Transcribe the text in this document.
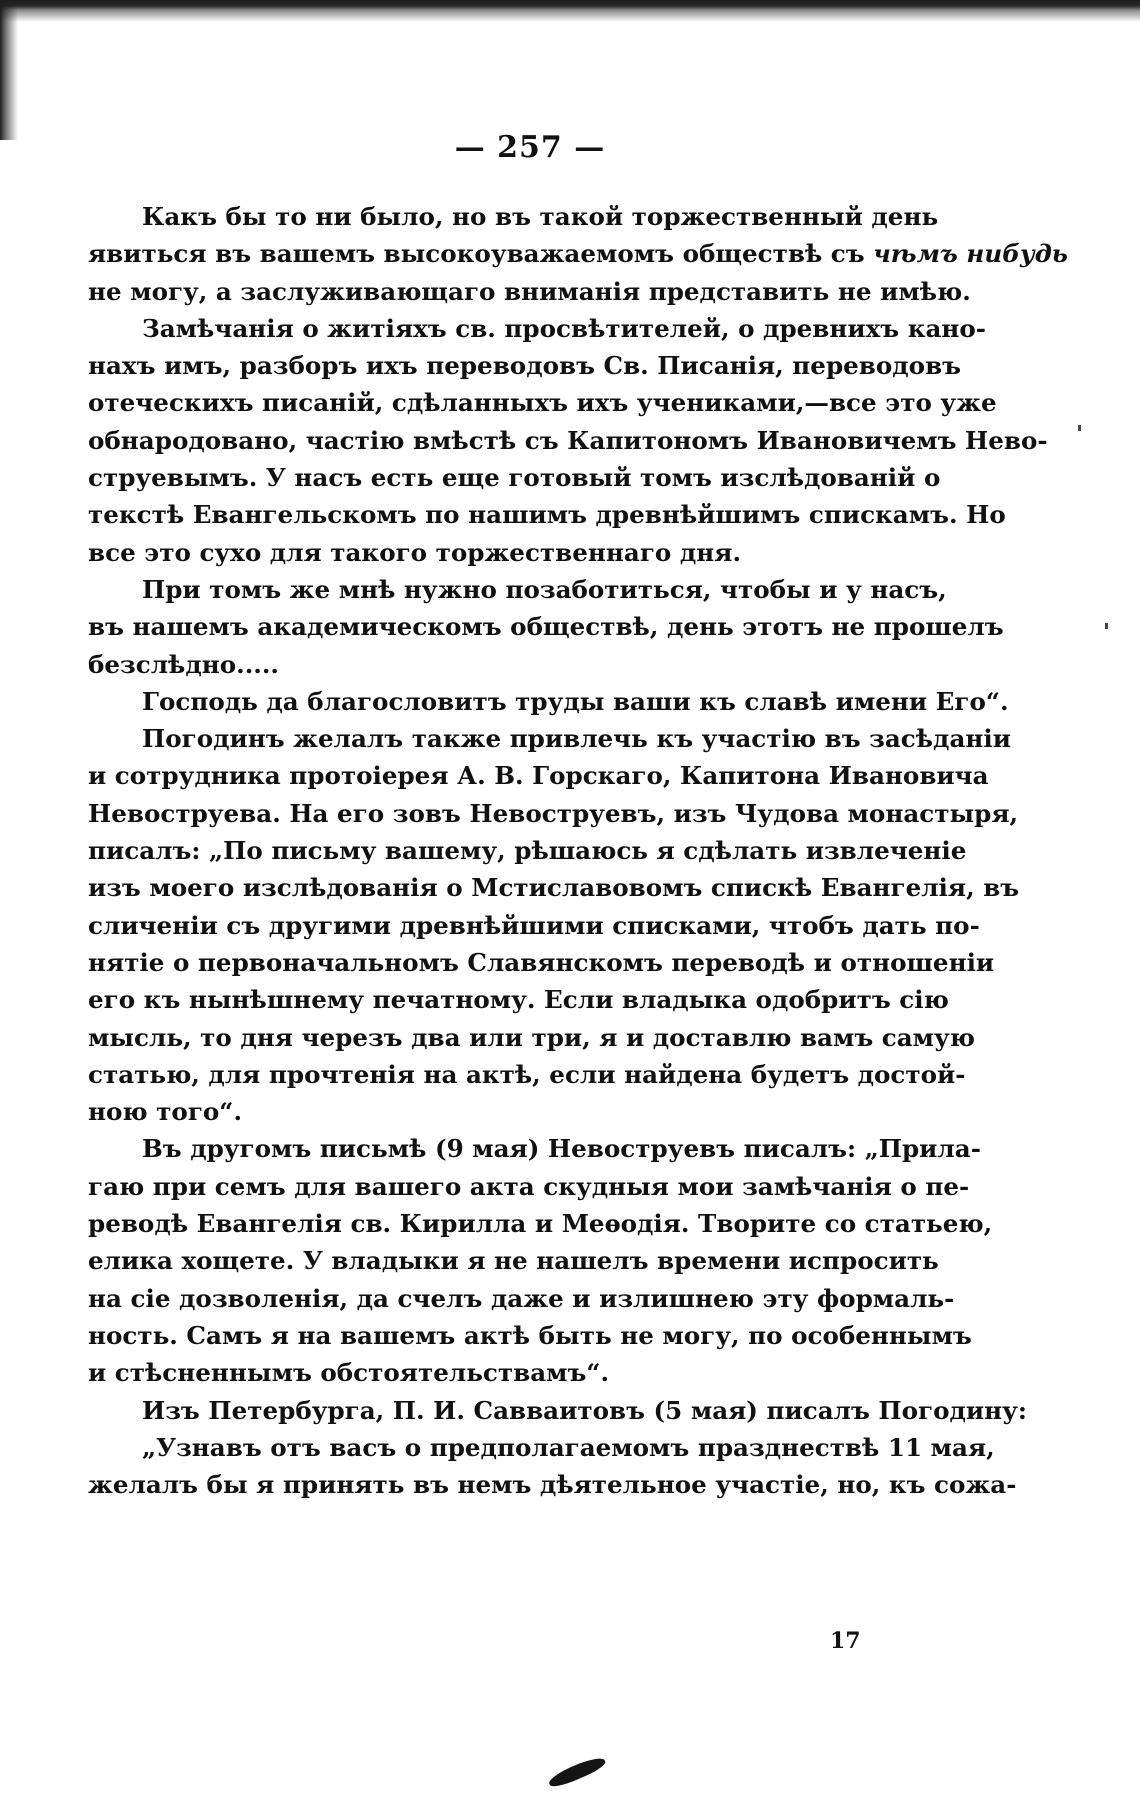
— 257 —
Какъ бы то ни было, но въ такой торжественный день
явиться въ вашемъ высокоуважаемомъ обществѣ съ чѣмъ нибудь
не могу, а заслуживающаго вниманія представить не имѣю.
Замѣчанія о житіяхъ св. просвѣтителей, о древнихъ кано-
нахъ имъ, разборъ ихъ переводовъ Св. Писанія, переводовъ
отеческихъ писаній, сдѣланныхъ ихъ учениками,—все это уже
обнародовано, частію вмѣстѣ съ Капитономъ Ивановичемъ Нево-
струевымъ. У насъ есть еще готовый томъ изслѣдованій о
текстѣ Евангельскомъ по нашимъ древнѣйшимъ спискамъ. Но
все это сухо для такого торжественнаго дня.
При томъ же мнѣ нужно позаботиться, чтобы и у насъ,
въ нашемъ академическомъ обществѣ, день этотъ не прошелъ
безслѣдно.....
Господь да благословитъ труды ваши къ славѣ имени Его“.
Погодинъ желалъ также привлечь къ участію въ засѣданіи
и сотрудника протоіерея А. В. Горскаго, Капитона Ивановича
Невоструева. На его зовъ Невоструевъ, изъ Чудова монастыря,
писалъ: „По письму вашему, рѣшаюсь я сдѣлать извлеченіе
изъ моего изслѣдованія о Мстиславовомъ спискѣ Евангелія, въ
сличеніи съ другими древнѣйшими списками, чтобъ дать по-
нятіе о первоначальномъ Славянскомъ переводѣ и отношеніи
его къ нынѣшнему печатному. Если владыка одобритъ сію
мысль, то дня черезъ два или три, я и доставлю вамъ самую
статью, для прочтенія на актѣ, если найдена будетъ достой-
ною того“.
Въ другомъ письмѣ (9 мая) Невоструевъ писалъ: „Прила-
гаю при семъ для вашего акта скудныя мои замѣчанія о пе-
реводѣ Евангелія св. Кирилла и Меѳодія. Творите со статьею,
елика хощете. У владыки я не нашелъ времени испросить
на сіе дозволенія, да счелъ даже и излишнею эту формаль-
ность. Самъ я на вашемъ актѣ быть не могу, по особеннымъ
и стѣсненнымъ обстоятельствамъ“.
Изъ Петербурга, П. И. Савваитовъ (5 мая) писалъ Погодину:
„Узнавъ отъ васъ о предполагаемомъ празднествѣ 11 мая,
желалъ бы я принять въ немъ дѣятельное участіе, но, къ сожа-
17
